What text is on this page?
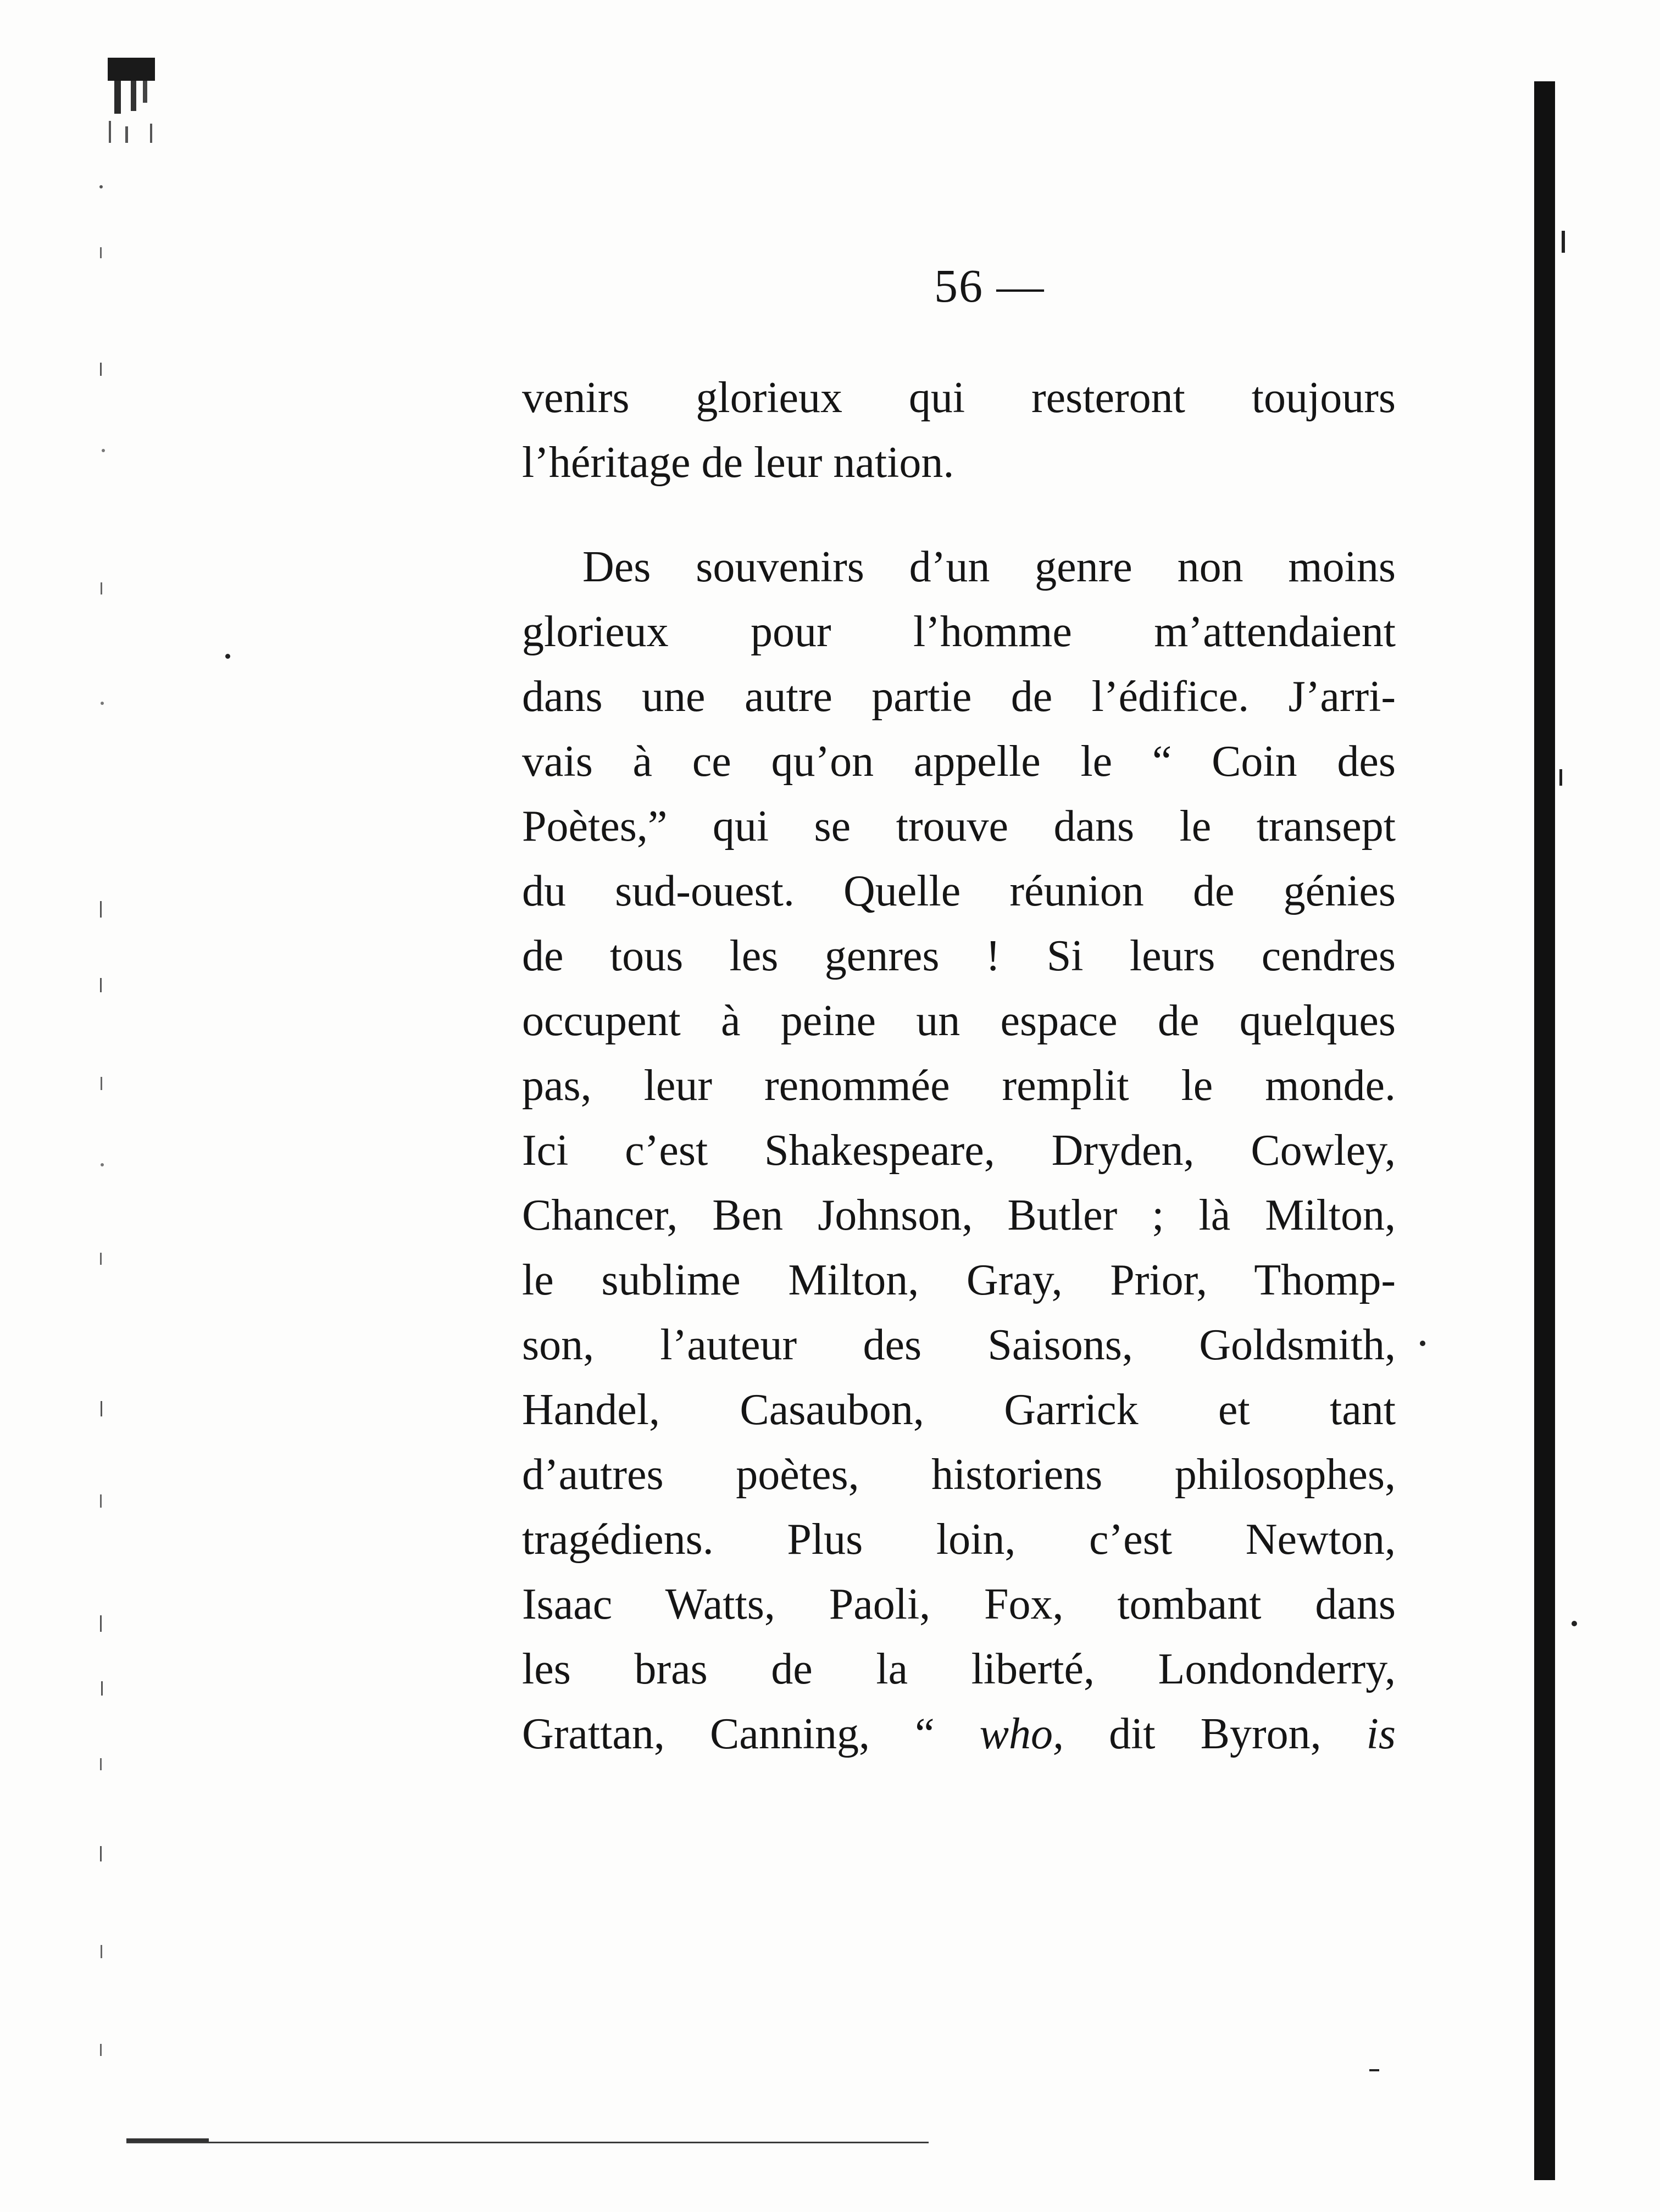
56 —
venirs glorieux qui resteront toujours
l’héritage de leur nation.
Des souvenirs d’un genre non moins
glorieux pour l’homme m’attendaient
dans une autre partie de l’édifice. J’arri-
vais à ce qu’on appelle le “ Coin des
Poètes,” qui se trouve dans le transept
du sud-ouest. Quelle réunion de génies
de tous les genres ! Si leurs cendres
occupent à peine un espace de quelques
pas, leur renommée remplit le monde.
Ici c’est Shakespeare, Dryden, Cowley,
Chancer, Ben Johnson, Butler ; là Milton,
le sublime Milton, Gray, Prior, Thomp-
son, l’auteur des Saisons, Goldsmith,
Handel, Casaubon, Garrick et tant
d’autres poètes, historiens philosophes,
tragédiens. Plus loin, c’est Newton,
Isaac Watts, Paoli, Fox, tombant dans
les bras de la liberté, Londonderry,
Grattan, Canning, “ who, dit Byron, is
